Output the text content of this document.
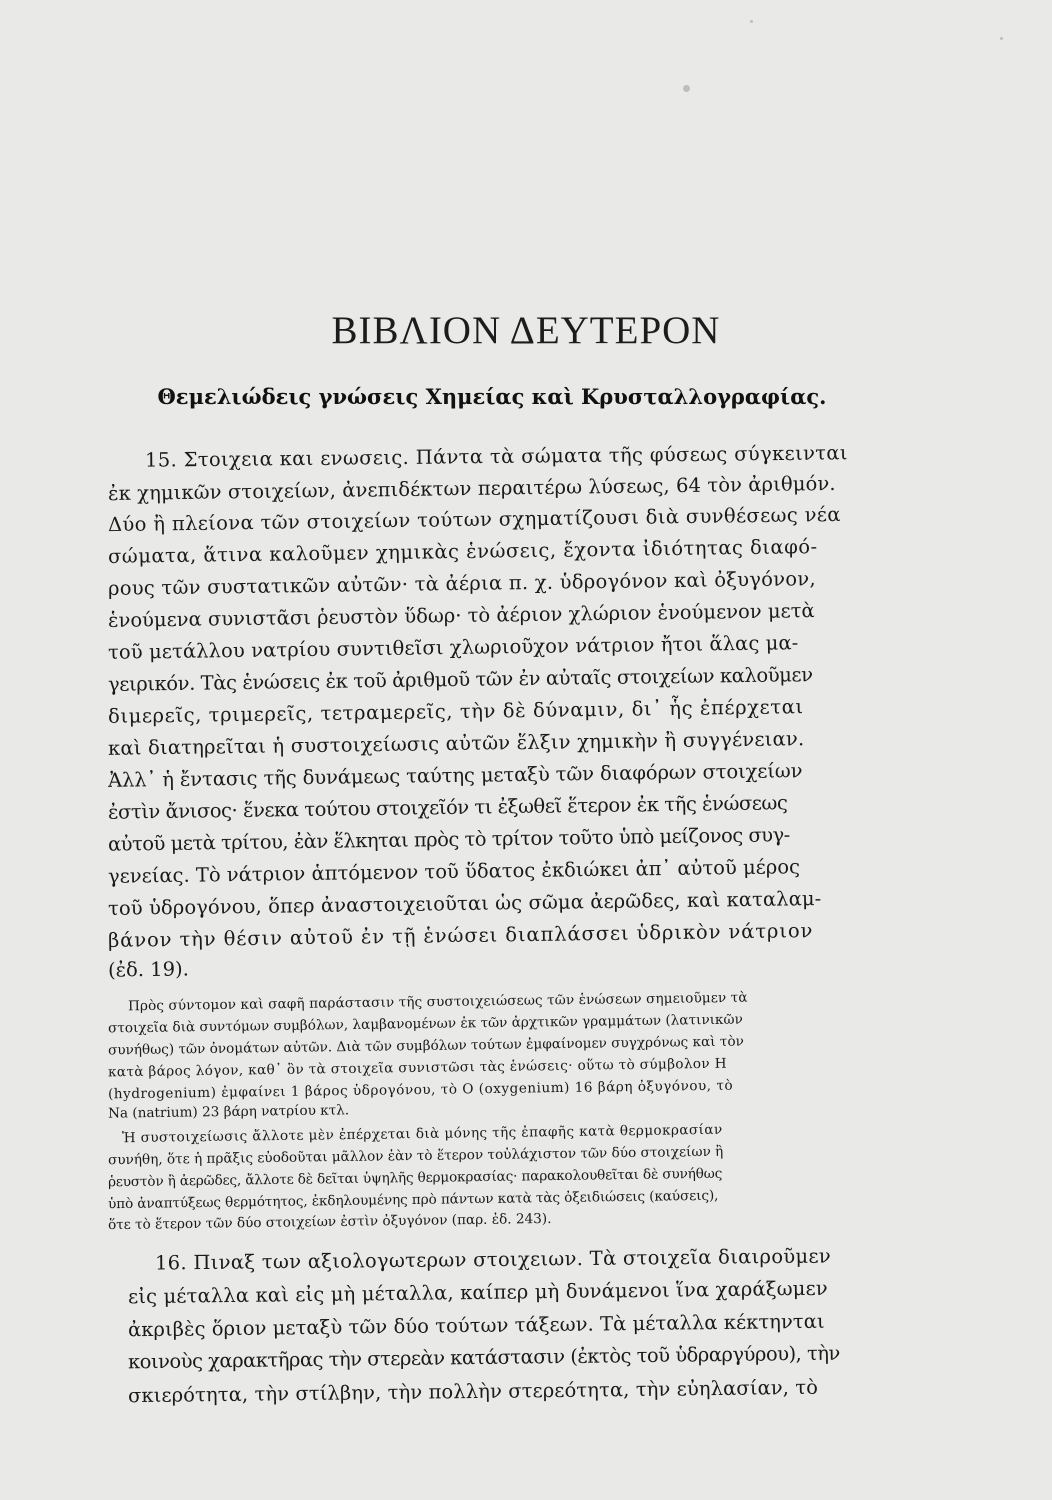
ΒΙΒΛΙΟΝ ΔΕΥΤΕΡΟΝ
Θεμελιώδεις γνώσεις Χημείας καὶ Κρυσταλλογραφίας.
15. Στοιχεια και ενωσεις. Πάντα τὰ σώματα τῆς φύσεως σύγκεινται
ἐκ χημικῶν στοιχείων, ἀνεπιδέκτων περαιτέρω λύσεως, 64 τὸν ἀριθμόν.
Δύο ἢ πλείονα τῶν στοιχείων τούτων σχηματίζουσι διὰ συνθέσεως νέα
σώματα, ἅτινα καλοῦμεν χημικὰς ἑνώσεις, ἔχοντα ἰδιότητας διαφό-
ρους τῶν συστατικῶν αὐτῶν· τὰ ἀέρια π. χ. ὑδρογόνον καὶ ὀξυγόνον,
ἑνούμενα συνιστᾶσι ῥευστὸν ὕδωρ· τὸ ἀέριον χλώριον ἑνούμενον μετὰ
τοῦ μετάλλου νατρίου συντιθεῖσι χλωριοῦχον νάτριον ἤτοι ἅλας μα-
γειρικόν. Τὰς ἑνώσεις ἐκ τοῦ ἀριθμοῦ τῶν ἐν αὐταῖς στοιχείων καλοῦμεν
διμερεῖς, τριμερεῖς, τετραμερεῖς, τὴν δὲ δύναμιν, δι᾿ ἧς ἐπέρχεται
καὶ διατηρεῖται ἡ συστοιχείωσις αὐτῶν ἕλξιν χημικὴν ἢ συγγένειαν.
Ἀλλ᾿ ἡ ἔντασις τῆς δυνάμεως ταύτης μεταξὺ τῶν διαφόρων στοιχείων
ἐστὶν ἄνισος· ἕνεκα τούτου στοιχεῖόν τι ἐξωθεῖ ἕτερον ἐκ τῆς ἑνώσεως
αὐτοῦ μετὰ τρίτου, ἐὰν ἕλκηται πρὸς τὸ τρίτον τοῦτο ὑπὸ μείζονος συγ-
γενείας. Τὸ νάτριον ἁπτόμενον τοῦ ὕδατος ἐκδιώκει ἀπ᾿ αὐτοῦ μέρος
τοῦ ὑδρογόνου, ὅπερ ἀναστοιχειοῦται ὡς σῶμα ἀερῶδες, καὶ καταλαμ-
βάνον τὴν θέσιν αὐτοῦ ἐν τῇ ἑνώσει διαπλάσσει ὑδρικὸν νάτριον
(ἐδ. 19).
Πρὸς σύντομον καὶ σαφῆ παράστασιν τῆς συστοιχειώσεως τῶν ἑνώσεων σημειοῦμεν τὰ
στοιχεῖα διὰ συντόμων συμβόλων, λαμβανομένων ἐκ τῶν ἀρχτικῶν γραμμάτων (λατινικῶν
συνήθως) τῶν ὀνομάτων αὐτῶν. Διὰ τῶν συμβόλων τούτων ἐμφαίνομεν συγχρόνως καὶ τὸν
κατὰ βάρος λόγον, καθ᾿ ὃν τὰ στοιχεῖα συνιστῶσι τὰς ἑνώσεις· οὕτω τὸ σύμβολον H
(hydrogenium) ἐμφαίνει 1 βάρος ὑδρογόνου, τὸ O (oxygenium) 16 βάρη ὀξυγόνου, τὸ
Na (natrium) 23 βάρη νατρίου κτλ.
Ἡ συστοιχείωσις ἄλλοτε μὲν ἐπέρχεται διὰ μόνης τῆς ἐπαφῆς κατὰ θερμοκρασίαν
συνήθη, ὅτε ἡ πρᾶξις εὐοδοῦται μᾶλλον ἐὰν τὸ ἕτερον τοὐλάχιστον τῶν δύο στοιχείων ἢ
ῥευστὸν ἢ ἀερῶδες, ἄλλοτε δὲ δεῖται ὑψηλῆς θερμοκρασίας· παρακολουθεῖται δὲ συνήθως
ὑπὸ ἀναπτύξεως θερμότητος, ἐκδηλουμένης πρὸ πάντων κατὰ τὰς ὀξειδιώσεις (καύσεις),
ὅτε τὸ ἕτερον τῶν δύο στοιχείων ἐστὶν ὀξυγόνον (παρ. ἐδ. 243).
16. Πιναξ των αξιολογωτερων στοιχειων. Τὰ στοιχεῖα διαιροῦμεν
εἰς μέταλλα καὶ εἰς μὴ μέταλλα, καίπερ μὴ δυνάμενοι ἵνα χαράξωμεν
ἀκριβὲς ὅριον μεταξὺ τῶν δύο τούτων τάξεων. Τὰ μέταλλα κέκτηνται
κοινοὺς χαρακτῆρας τὴν στερεὰν κατάστασιν (ἐκτὸς τοῦ ὑδραργύρου), τὴν
σκιερότητα, τὴν στίλβην, τὴν πολλὴν στερεότητα, τὴν εὐηλασίαν, τὸ
